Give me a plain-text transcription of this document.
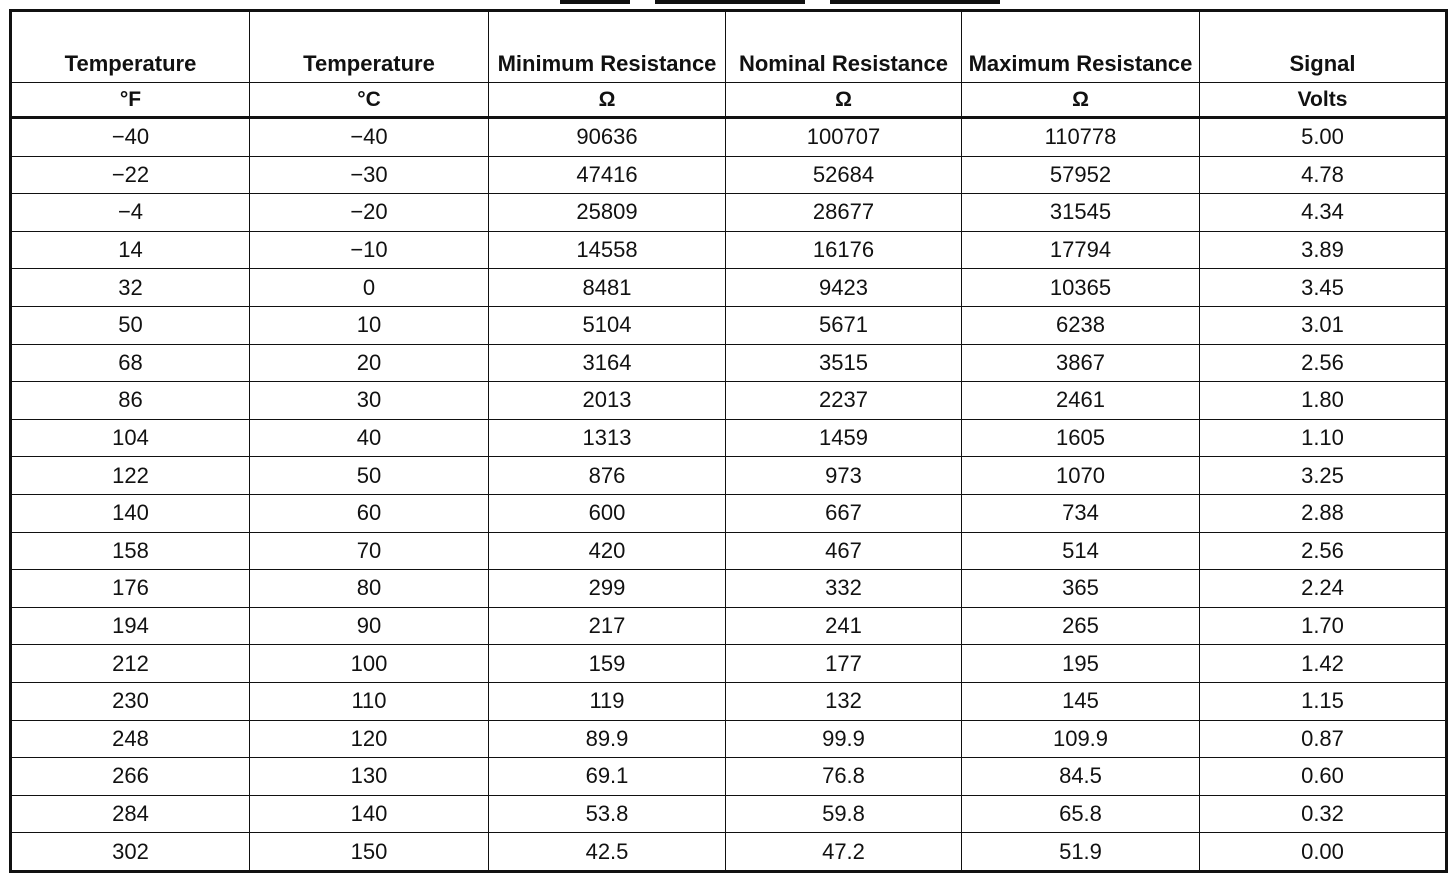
Temperature	Temperature	Minimum Resistance	Nominal Resistance	Maximum Resistance	Signal
°F	°C	Ω	Ω	Ω	Volts
−40	−40	90636	100707	110778	5.00
−22	−30	47416	52684	57952	4.78
−4	−20	25809	28677	31545	4.34
14	−10	14558	16176	17794	3.89
32	0	8481	9423	10365	3.45
50	10	5104	5671	6238	3.01
68	20	3164	3515	3867	2.56
86	30	2013	2237	2461	1.80
104	40	1313	1459	1605	1.10
122	50	876	973	1070	3.25
140	60	600	667	734	2.88
158	70	420	467	514	2.56
176	80	299	332	365	2.24
194	90	217	241	265	1.70
212	100	159	177	195	1.42
230	110	119	132	145	1.15
248	120	89.9	99.9	109.9	0.87
266	130	69.1	76.8	84.5	0.60
284	140	53.8	59.8	65.8	0.32
302	150	42.5	47.2	51.9	0.00
